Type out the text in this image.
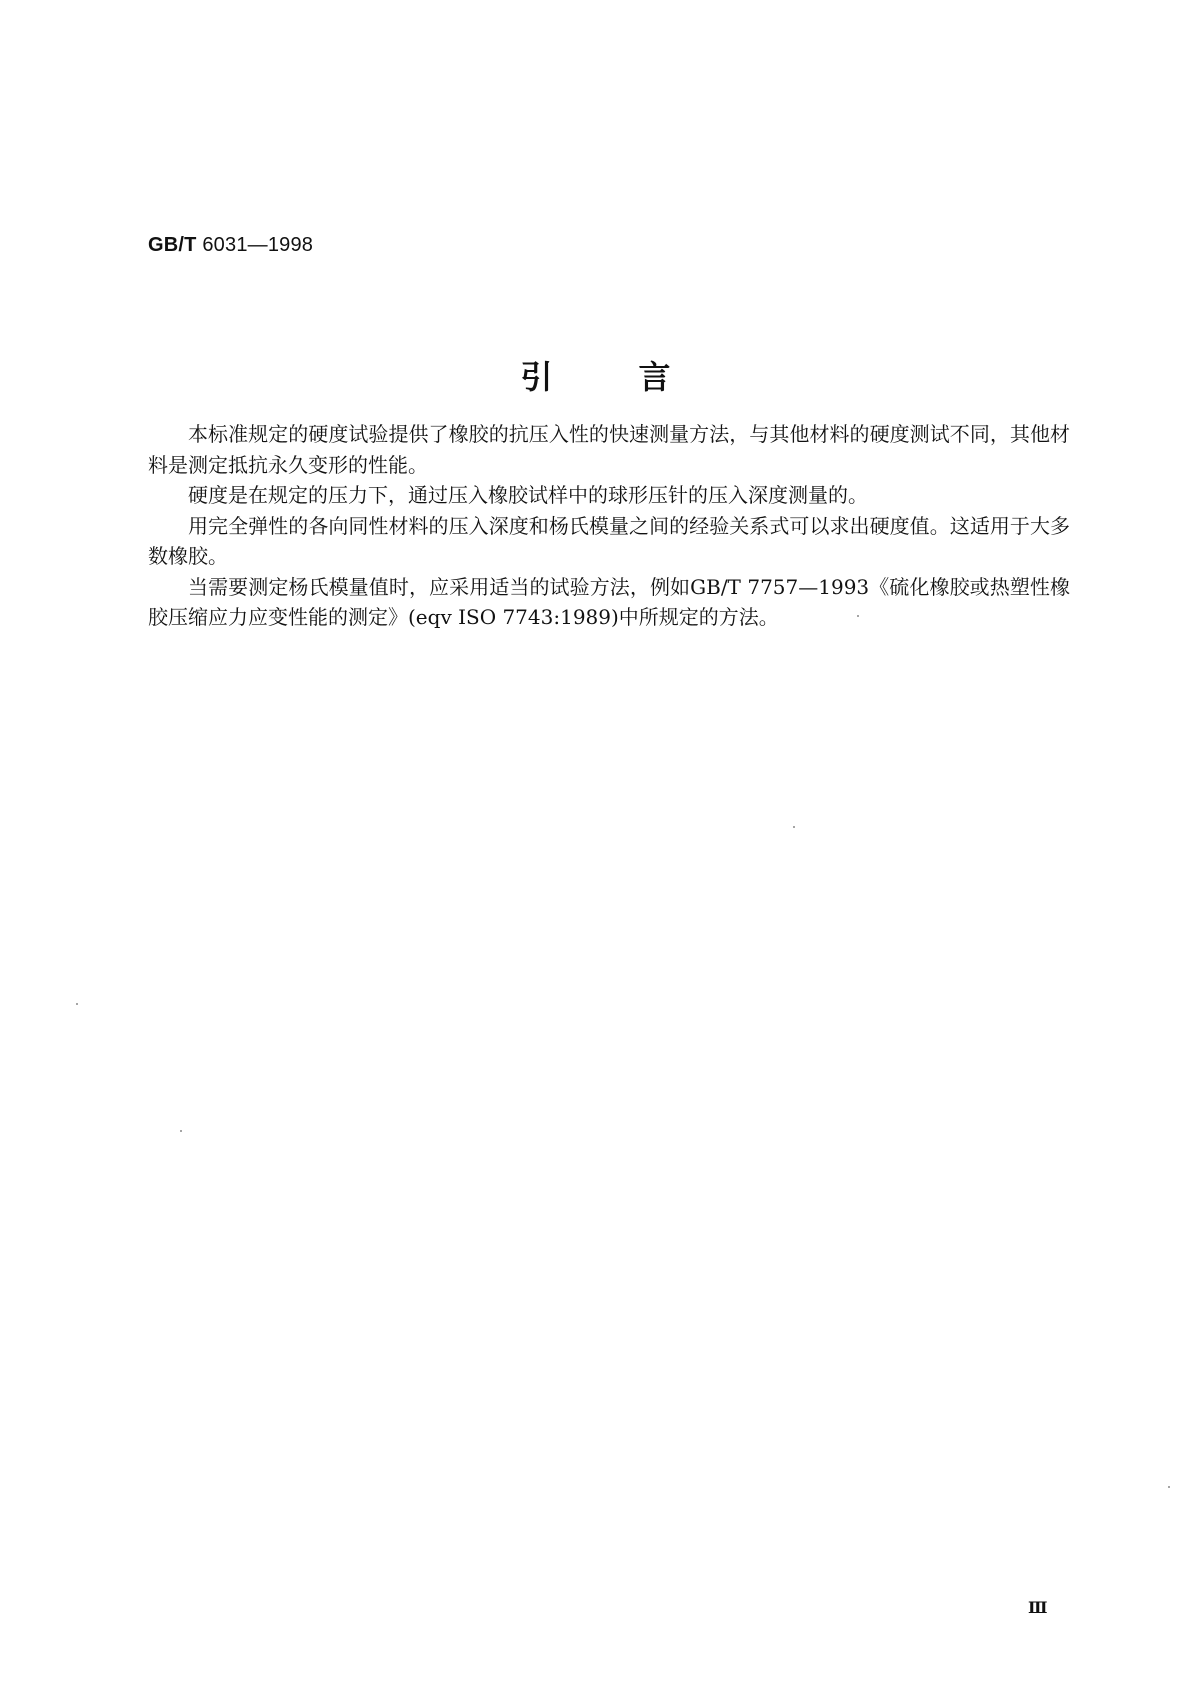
GB/T 6031—1998
引言

本标准规定的硬度试验提供了橡胶的抗压入性的快速测量方法，与其他材料的硬度测试不同，其他材料是测定抵抗永久变形的性能。

硬度是在规定的压力下，通过压入橡胶试样中的球形压针的压入深度测量的。

用完全弹性的各向同性材料的压入深度和杨氏模量之间的经验关系式可以求出硬度值。这适用于大多数橡胶。

当需要测定杨氏模量值时，应采用适当的试验方法，例如GB/T 7757—1993《硫化橡胶或热塑性橡胶压缩应力应变性能的测定》(eqv ISO 7743:1989)中所规定的方法。

Ⅲ
